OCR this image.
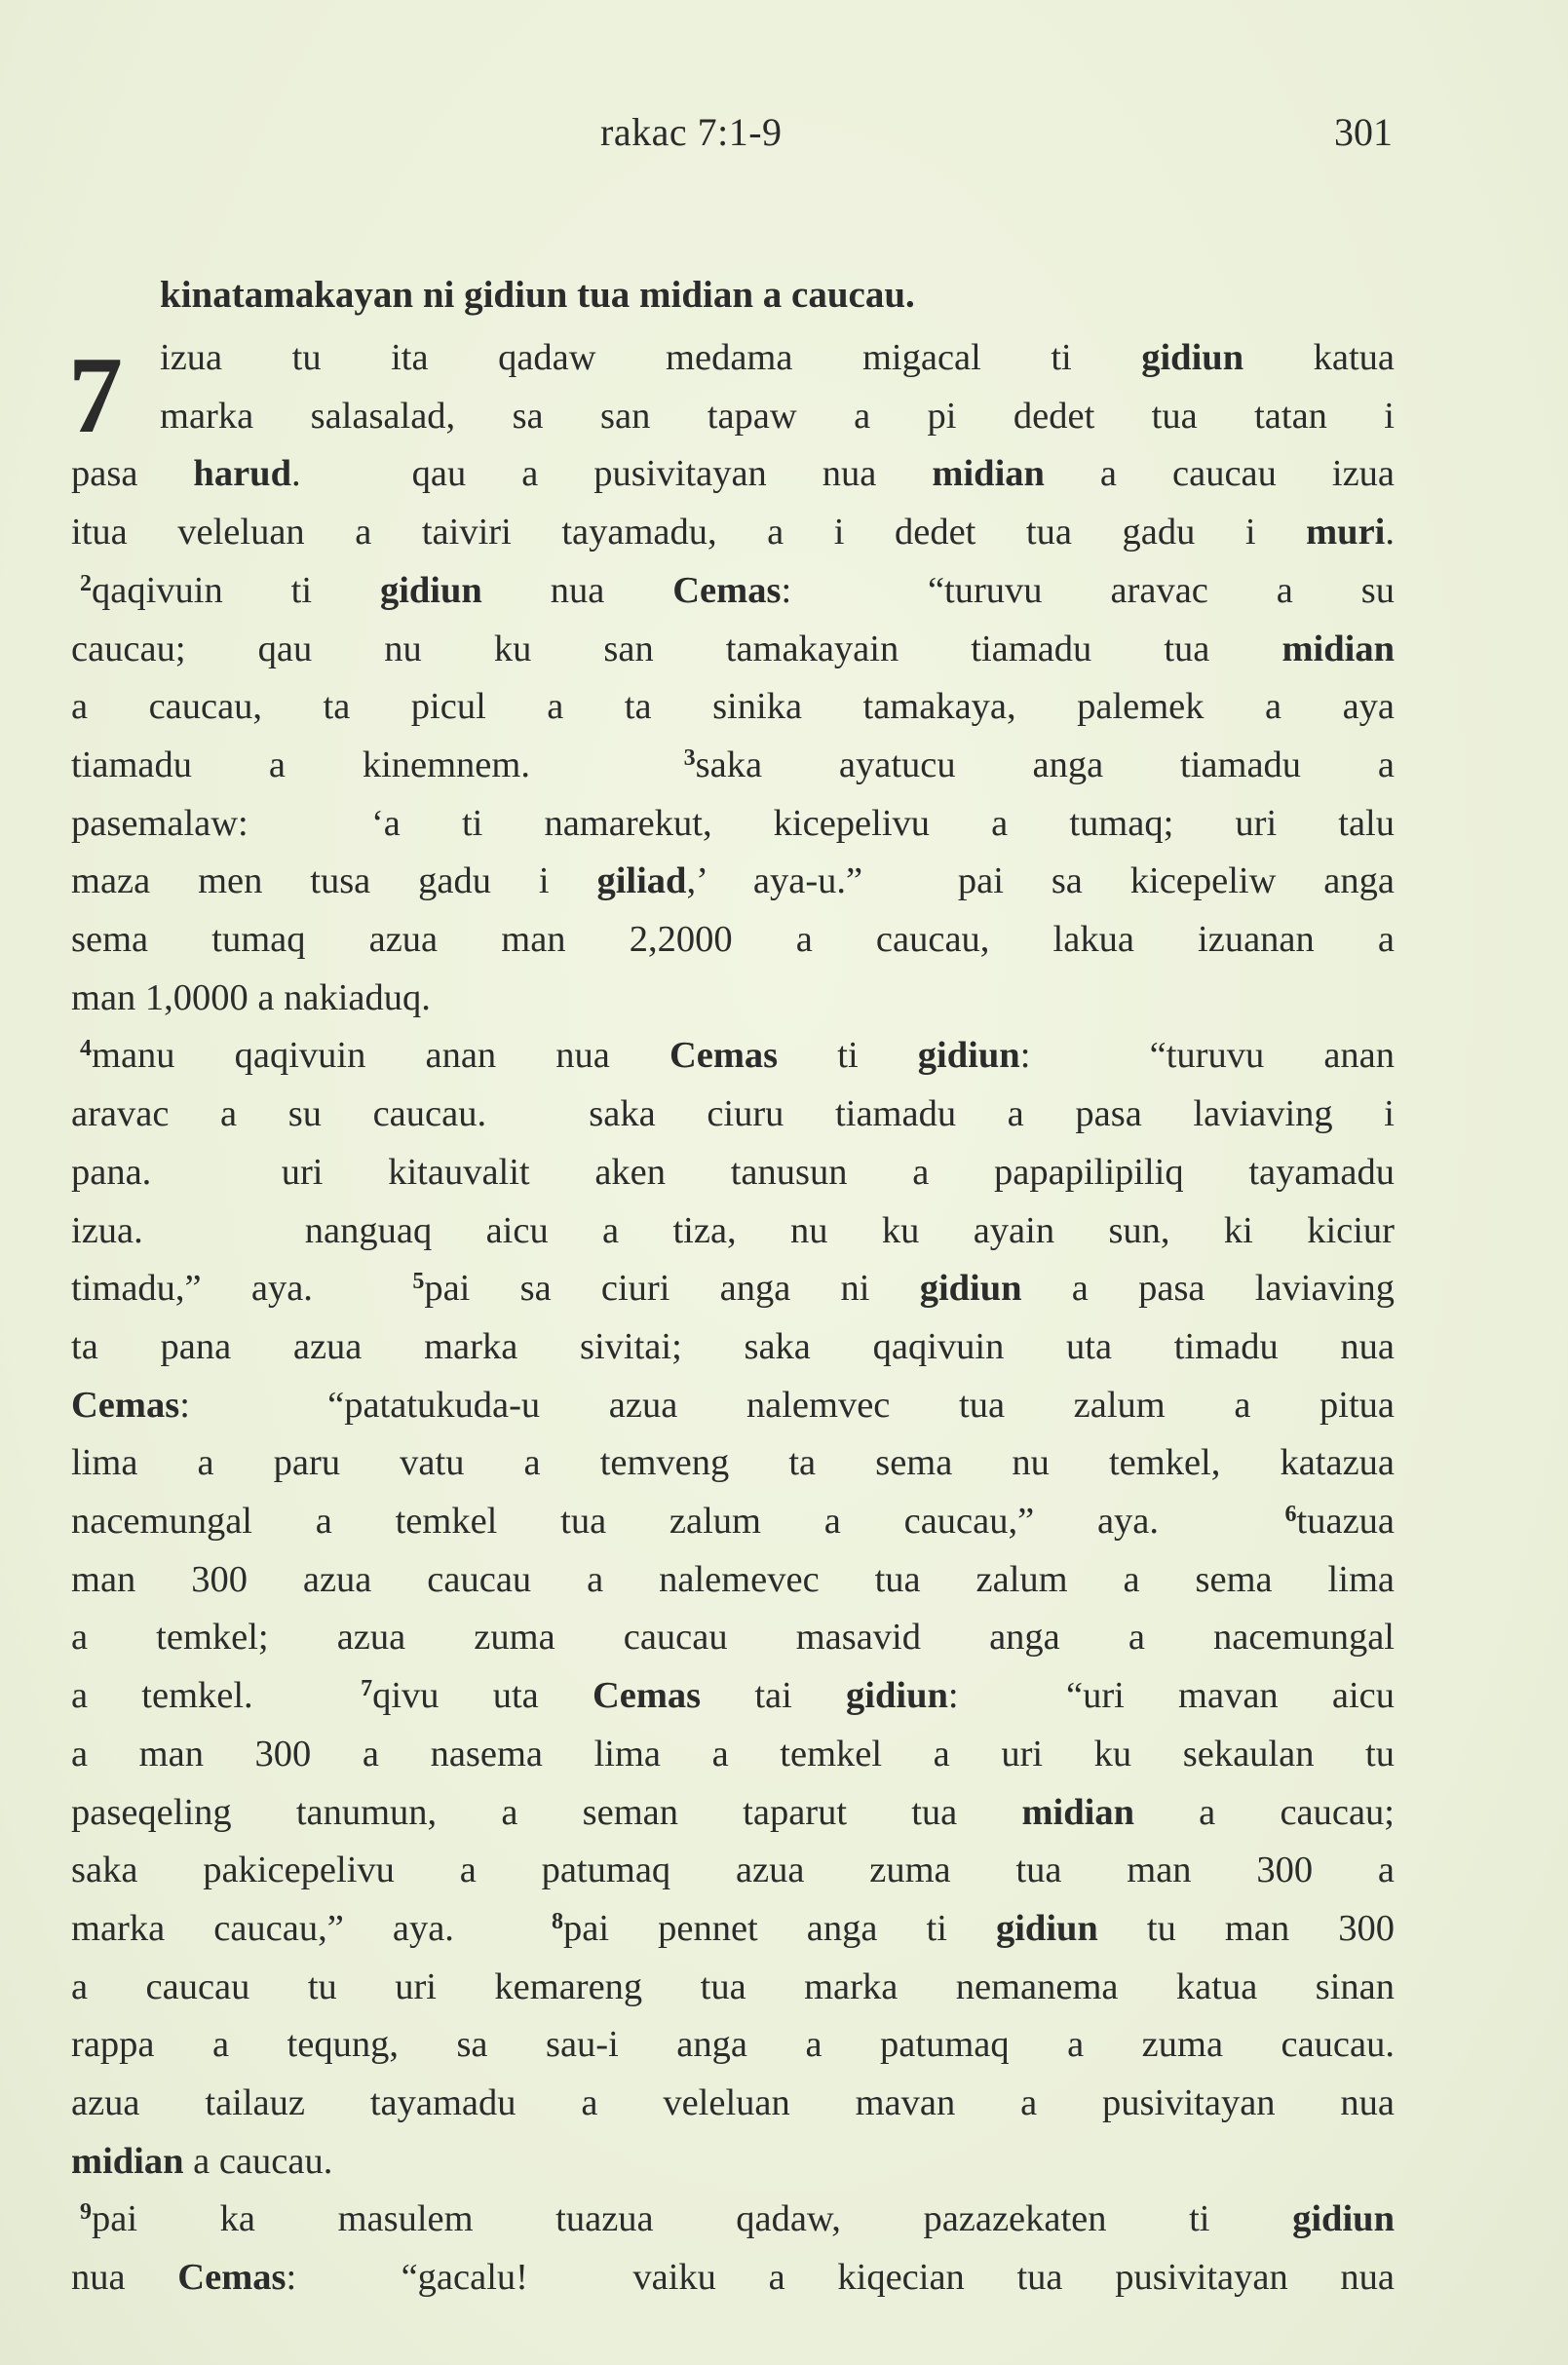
rakac 7:1-9	301
kinatamakayan ni gidiun tua midian a caucau.
7 izua tu ita qadaw medama migacal ti gidiun katua
marka salasalad, sa san tapaw a pi dedet tua tatan i
pasa harud.  qau a pusivitayan nua midian a caucau izua
itua veleluan a taiviri tayamadu, a i dedet tua gadu i muri.
$^2$qaqivuin ti gidiun nua Cemas:  “turuvu aravac a su
caucau; qau nu ku san tamakayain tiamadu tua midian
a caucau, ta picul a ta sinika tamakaya, palemek a aya
tiamadu a kinemnem.  $^3$saka ayatucu anga tiamadu a
pasemalaw:  ‘a ti namarekut, kicepelivu a tumaq; uri talu
maza men tusa gadu i giliad,’ aya-u.”  pai sa kicepeliw anga
sema tumaq azua man 2,2000 a caucau, lakua izuanan a
man 1,0000 a nakiaduq.
$^4$manu qaqivuin anan nua Cemas ti gidiun:  “turuvu anan
aravac a su caucau.  saka ciuru tiamadu a pasa laviaving i
pana.  uri kitauvalit aken tanusun a papapilipiliq tayamadu
izua.   nanguaq aicu a tiza, nu ku ayain sun, ki kiciur
timadu,” aya.  $^5$pai sa ciuri anga ni gidiun a pasa laviaving
ta pana azua marka sivitai; saka qaqivuin uta timadu nua
Cemas:  “patatukuda-u azua nalemvec tua zalum a pitua
lima a paru vatu a temveng ta sema nu temkel, katazua
nacemungal a temkel tua zalum a caucau,” aya.  $^6$tuazua
man 300 azua caucau a nalemevec tua zalum a sema lima
a temkel; azua zuma caucau masavid anga a nacemungal
a temkel.  $^7$qivu uta Cemas tai gidiun:  “uri mavan aicu
a man 300 a nasema lima a temkel a uri ku sekaulan tu
paseqeling tanumun, a seman taparut tua midian a caucau;
saka pakicepelivu a patumaq azua zuma tua man 300 a
marka caucau,” aya.  $^8$pai pennet anga ti gidiun tu man 300
a caucau tu uri kemareng tua marka nemanema katua sinan
rappa a tequng, sa sau-i anga a patumaq a zuma caucau.
azua tailauz tayamadu a veleluan mavan a pusivitayan nua
midian a caucau.
$^9$pai ka masulem tuazua qadaw, pazazekaten ti gidiun
nua Cemas:  “gacalu!  vaiku a kiqecian tua pusivitayan nua
